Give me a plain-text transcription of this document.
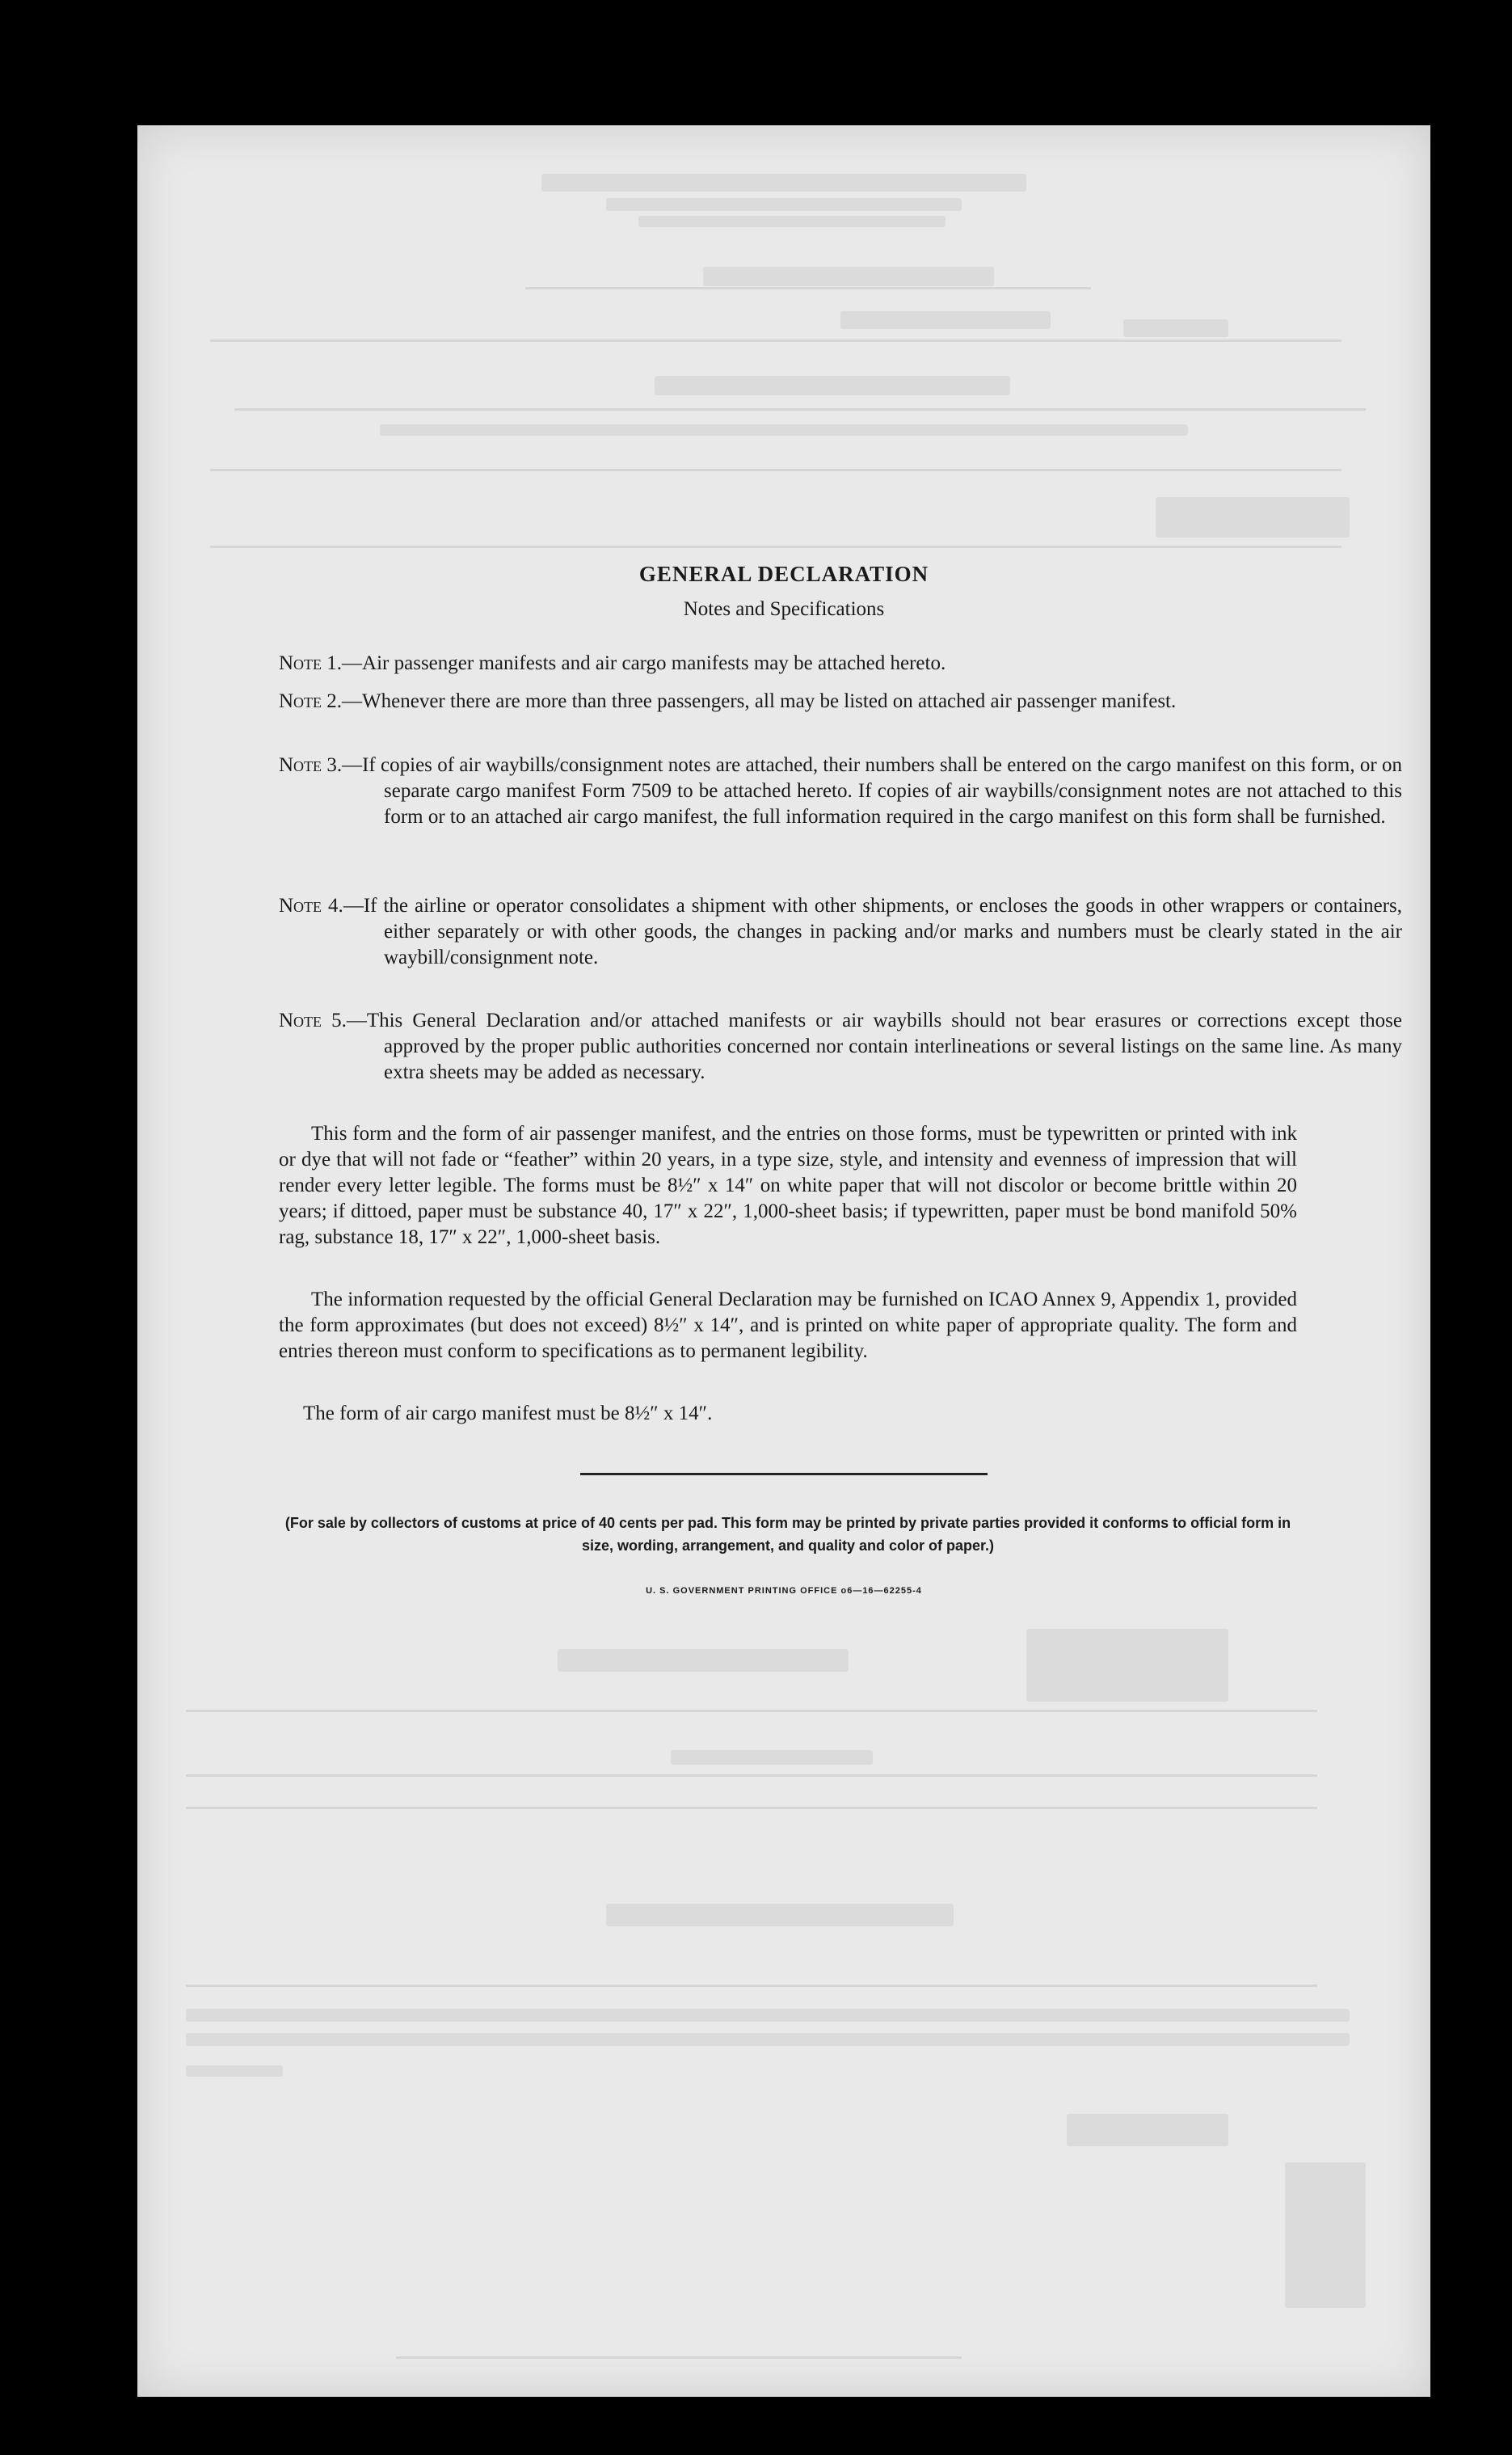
GENERAL DECLARATION
Notes and Specifications
Note 1.—Air passenger manifests and air cargo manifests may be attached hereto.
Note 2.—Whenever there are more than three passengers, all may be listed on attached air passenger manifest.
Note 3.—If copies of air waybills/consignment notes are attached, their numbers shall be entered on the cargo manifest on this form, or on separate cargo manifest Form 7509 to be attached hereto. If copies of air waybills/consignment notes are not attached to this form or to an attached air cargo manifest, the full information required in the cargo manifest on this form shall be furnished.
Note 4.—If the airline or operator consolidates a shipment with other shipments, or encloses the goods in other wrappers or containers, either separately or with other goods, the changes in packing and/or marks and numbers must be clearly stated in the air waybill/consignment note.
Note 5.—This General Declaration and/or attached manifests or air waybills should not bear erasures or corrections except those approved by the proper public authorities concerned nor contain interlineations or several listings on the same line. As many extra sheets may be added as necessary.
This form and the form of air passenger manifest, and the entries on those forms, must be typewritten or printed with ink or dye that will not fade or “feather” within 20 years, in a type size, style, and intensity and evenness of impression that will render every letter legible. The forms must be 8½″ x 14″ on white paper that will not discolor or become brittle within 20 years; if dittoed, paper must be substance 40, 17″ x 22″, 1,000-sheet basis; if typewritten, paper must be bond manifold 50% rag, substance 18, 17″ x 22″, 1,000-sheet basis.
The information requested by the official General Declaration may be furnished on ICAO Annex 9, Appendix 1, provided the form approximates (but does not exceed) 8½″ x 14″, and is printed on white paper of appropriate quality. The form and entries thereon must conform to specifications as to permanent legibility.
The form of air cargo manifest must be 8½″ x 14″.
(For sale by collectors of customs at price of 40 cents per pad. This form may be printed by private parties provided it conforms to official form in size, wording, arrangement, and quality and color of paper.)
U. S. GOVERNMENT PRINTING OFFICE o6—16—62255-4
